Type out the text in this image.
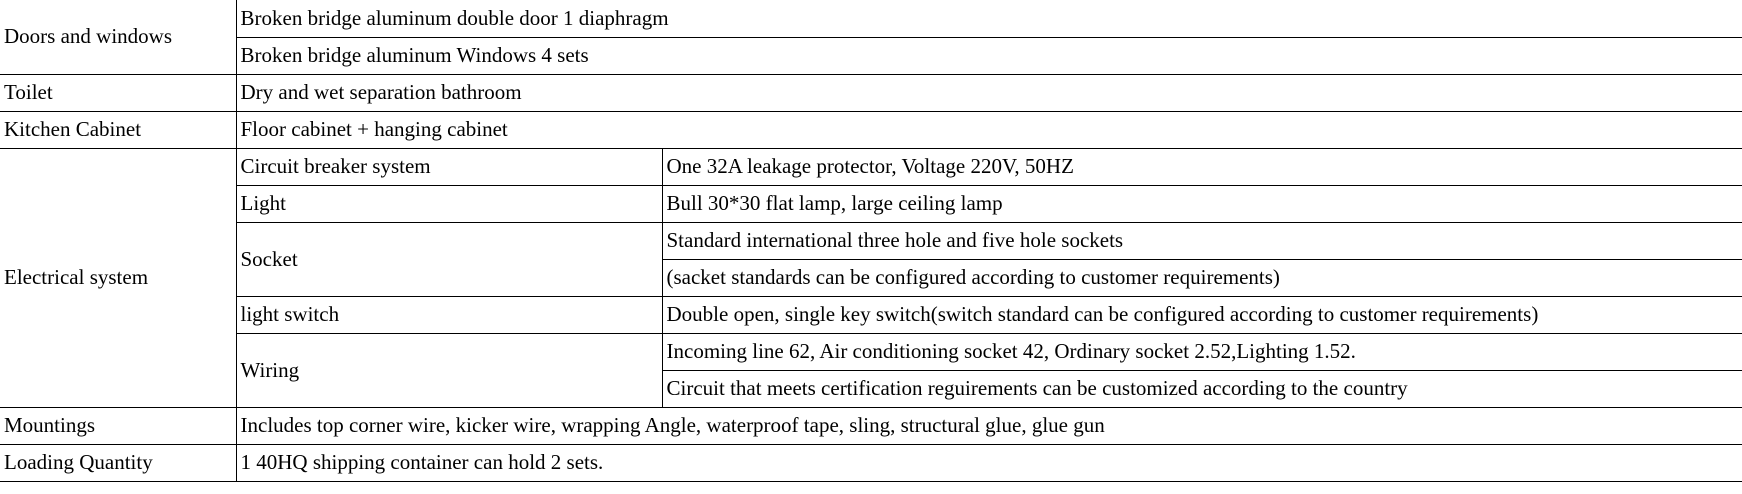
Doors and windows	Broken bridge aluminum double door 1 diaphragm	
	Broken bridge aluminum Windows 4 sets	
Toilet	Dry and wet separation bathroom	
Kitchen Cabinet	Floor cabinet + hanging cabinet	
Electrical system	Circuit breaker system	One 32A leakage protector, Voltage 220V, 50HZ
	Light	Bull 30*30 flat lamp, large ceiling lamp
	Socket	Standard international three hole and five hole sockets
		(sacket standards can be configured according to customer requirements)
	light switch	Double open, single key switch(switch standard can be configured according to customer requirements)
	Wiring	Incoming line 62, Air conditioning socket 42, Ordinary socket 2.52,Lighting 1.52.
		Circuit that meets certification reguirements can be customized according to the country
Mountings	Includes top corner wire, kicker wire, wrapping Angle, waterproof tape, sling, structural glue, glue gun	
Loading Quantity	1 40HQ shipping container can hold 2 sets.	
